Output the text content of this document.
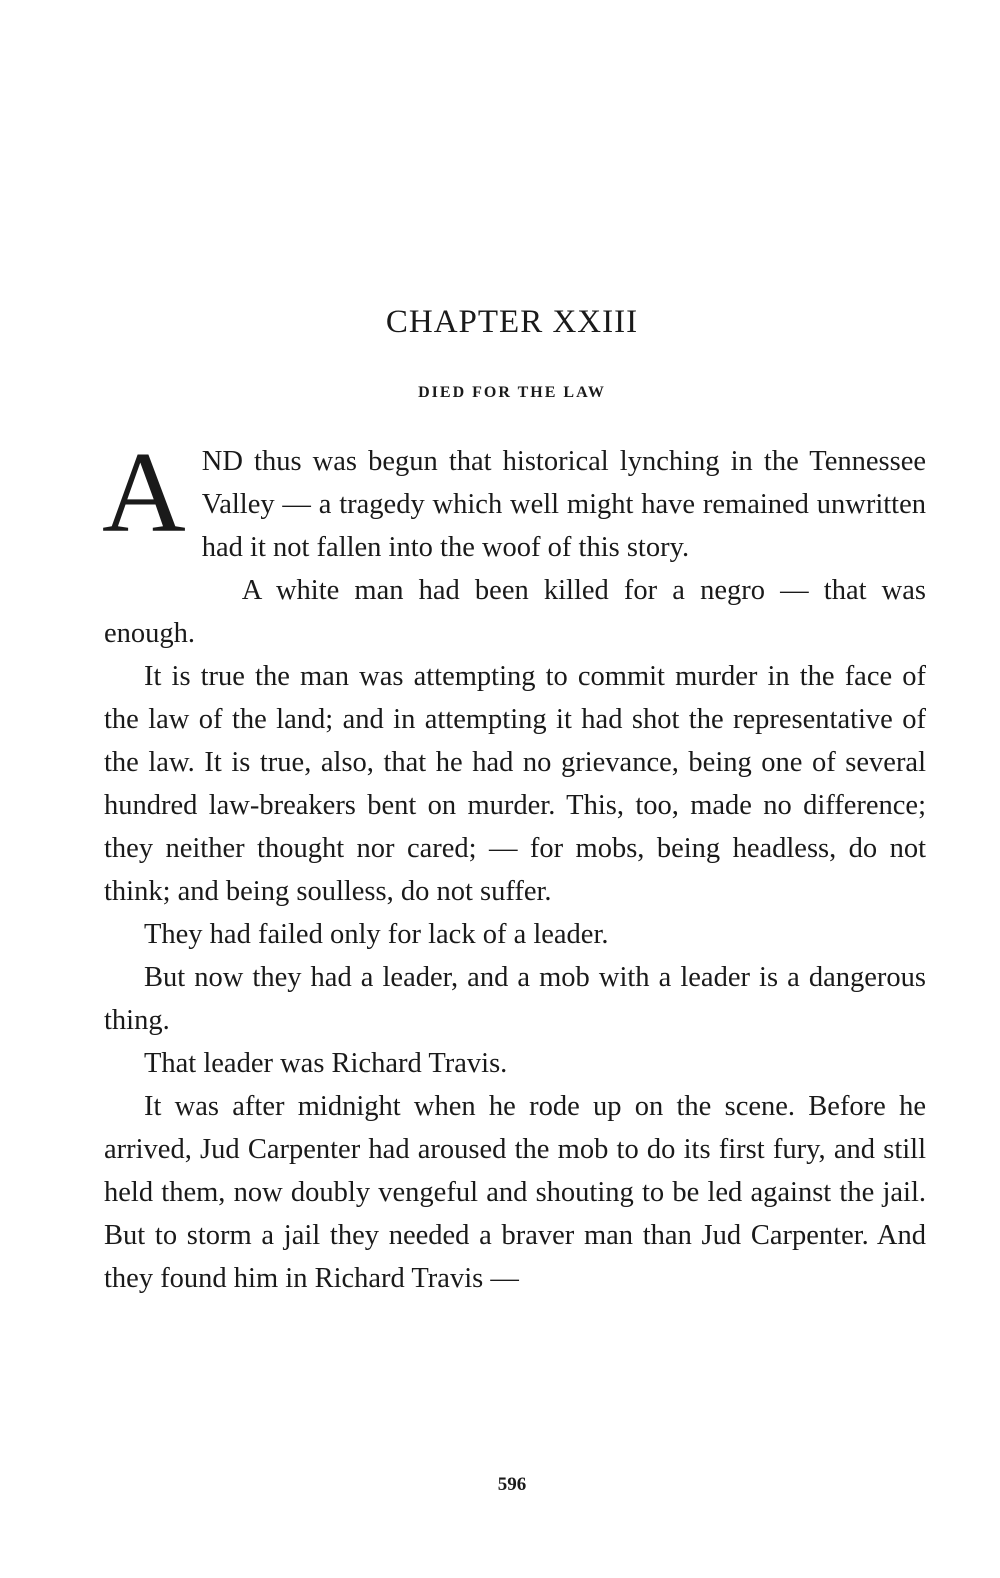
CHAPTER XXIII
DIED FOR THE LAW

AND thus was begun that historical lynching in the Tennessee Valley — a tragedy which well might have remained unwritten had it not fallen into the woof of this story.

A white man had been killed for a negro — that was enough.

It is true the man was attempting to commit murder in the face of the law of the land; and in attempting it had shot the representative of the law. It is true, also, that he had no grievance, being one of several hundred law-breakers bent on murder. This, too, made no difference; they neither thought nor cared; — for mobs, being headless, do not think; and being soulless, do not suffer.

They had failed only for lack of a leader.

But now they had a leader, and a mob with a leader is a dangerous thing.

That leader was Richard Travis.

It was after midnight when he rode up on the scene. Before he arrived, Jud Carpenter had aroused the mob to do its first fury, and still held them, now doubly vengeful and shouting to be led against the jail. But to storm a jail they needed a braver man than Jud Carpenter. And they found him in Richard Travis —

596
